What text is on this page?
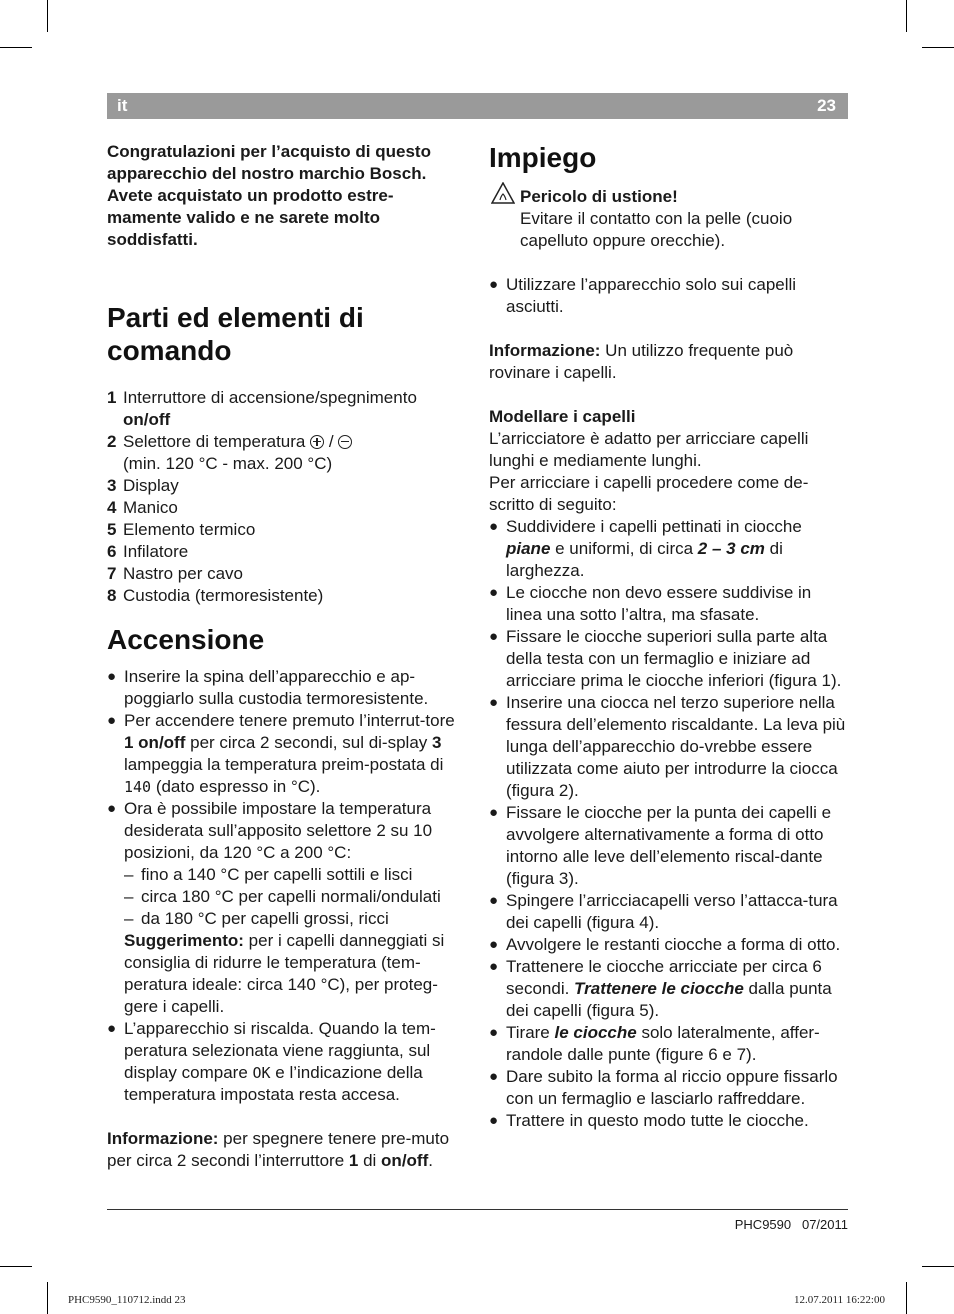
it	23

Congratulazioni per l’acquisto di questo apparecchio del nostro marchio Bosch. Avete acquistato un prodotto estre-mamente valido e ne sarete molto soddisfatti.

Parti ed elementi di comando
1 Interruttore di accensione/spegnimento on/off
2 Selettore di temperatura  /
(min. 120 °C - max. 200 °C)
3 Display
4 Manico
5 Elemento termico
6 Infilatore
7 Nastro per cavo
8 Custodia (termoresistente)
Accensione
● Inserire la spina dell’apparecchio e ap-poggiarlo sulla custodia termoresistente.
● Per accendere tenere premuto l’interrut-tore 1 on/off per circa 2 secondi, sul di-splay 3 lampeggia la temperatura preim-postata di 140 (dato espresso in °C).
● Ora è possibile impostare la temperatura desiderata sull’apposito selettore 2 su 10 posizioni, da 120 °C a 200 °C:
– fino a 140 °C per capelli sottili e lisci
– circa 180 °C per capelli normali/ondulati
– da 180 °C per capelli grossi, ricci
Suggerimento: per i capelli danneggiati si consiglia di ridurre le temperatura (tem-peratura ideale: circa 140 °C), per proteg-gere i capelli.
● L’apparecchio si riscalda. Quando la tem-peratura selezionata viene raggiunta, sul display compare OK e l’indicazione della temperatura impostata resta accesa.

Informazione: per spegnere tenere pre-muto per circa 2 secondi l’interruttore 1 di on/off.

Impiego
Pericolo di ustione!
Evitare il contatto con la pelle (cuoio capelluto oppure orecchie).
● Utilizzare l’apparecchio solo sui capelli asciutti.

Informazione: Un utilizzo frequente può rovinare i capelli.

Modellare i capelli

L’arricciatore è adatto per arricciare capelli lunghi e mediamente lunghi.

Per arricciare i capelli procedere come de-scritto di seguito:

● Suddividere i capelli pettinati in ciocche piane e uniformi, di circa 2 – 3 cm di larghezza.
● Le ciocche non devo essere suddivise in linea una sotto l’altra, ma sfasate.
● Fissare le ciocche superiori sulla parte alta della testa con un fermaglio e iniziare ad arricciare prima le ciocche inferiori (figura 1).
● Inserire una ciocca nel terzo superiore nella fessura dell’elemento riscaldante. La leva più lunga dell’apparecchio do-vrebbe essere utilizzata come aiuto per introdurre la ciocca (figura 2).
● Fissare le ciocche per la punta dei capelli e avvolgere alternativamente a forma di otto intorno alle leve dell’elemento riscal-dante (figura 3).
● Spingere l’arricciacapelli verso l’attacca-tura dei capelli (figura 4).
● Avvolgere le restanti ciocche a forma di otto.
● Trattenere le ciocche arricciate per circa 6 secondi. Trattenere le ciocche dalla punta dei capelli (figura 5).
● Tirare le ciocche solo lateralmente, affer-randole dalle punte (figure 6 e 7).
● Dare subito la forma al riccio oppure fissarlo con un fermaglio e lasciarlo raffreddare.
● Trattere in questo modo tutte le ciocche.
PHC9590 07/2011
PHC9590_110712.indd 23	12.07.2011 16:22:00
